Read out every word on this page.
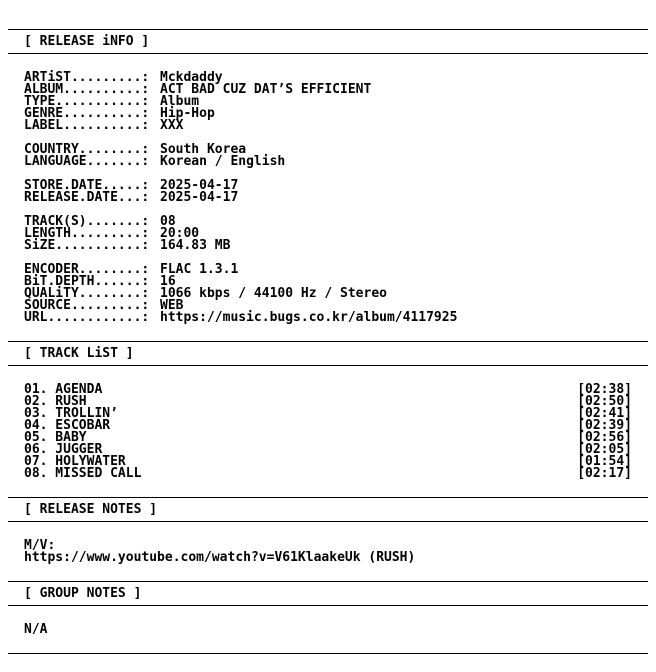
[ RELEASE iNFO ]
ARTiST.........: Mckdaddy
ALBUM..........: ACT BAD CUZ DAT’S EFFICIENT
TYPE...........: Album
GENRE..........: Hip-Hop
LABEL..........: XXX
COUNTRY........: South Korea
LANGUAGE.......: Korean / English
STORE.DATE.....: 2025-04-17
RELEASE.DATE...: 2025-04-17
TRACK(S).......: 08
LENGTH.........: 20:00
SiZE...........: 164.83 MB
ENCODER........: FLAC 1.3.1
BiT.DEPTH......: 16
QUALiTY........: 1066 kbps / 44100 Hz / Stereo
SOURCE.........: WEB
URL............: https://music.bugs.co.kr/album/4117925
[ TRACK LiST ]
01. AGENDA	[02:38]
02. RUSH	[02:50]
03. TROLLIN’	[02:41]
04. ESCOBAR	[02:39]
05. BABY	[02:56]
06. JUGGER	[02:05]
07. HOLYWATER	[01:54]
08. MISSED CALL	[02:17]
[ RELEASE NOTES ]
M/V:
https://www.youtube.com/watch?v=V61KlaakeUk (RUSH)
[ GROUP NOTES ]
N/A
